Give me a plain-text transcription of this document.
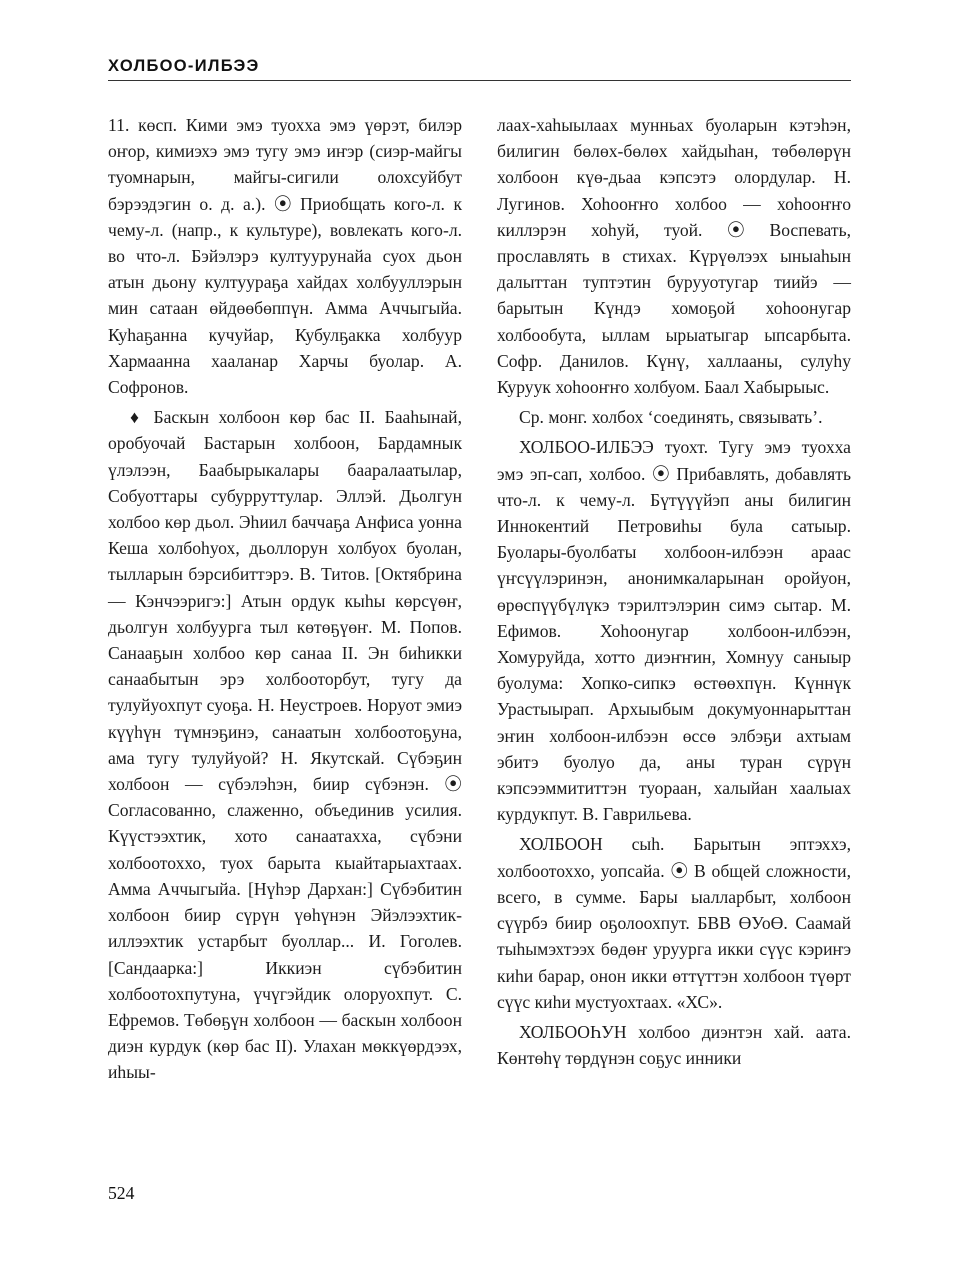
ХОЛБОО-ИЛБЭЭ

11. көсп. Кими эмэ туохха эмэ үөрэт, билэр оҥор, кимиэхэ эмэ тугу эмэ иҥэр (сиэр-майгы туомнарын, майгы-сигили олохсуйбут бэрээдэгин о. д. а.). ⦿ Приобщать кого-л. к чему-л. (напр., к культуре), вовлекать кого-л. во что-л. Бэйэлэрэ култуурунайа суох дьон атын дьону култуураҕа хайдах холбууллэрын мин сатаан өйдөөбөппүн. Амма Аччыгыйа. Куһаҕаннa кучуйар, Кубулҕакка холбуур Хармааннa хааланар Харчы буолар. А. Софронов.

♦ Баскын холбоон көр бас II. Баaһынай, оробуочай Бастарын холбоон, Бардамнык үлэлээн, Баабырыкалары бааралаатылар, Собуоттары субурруттулар. Эллэй. Дьолгун холбоо көр дьол. Эһиил баччаҕа Анфиса уонна Кеша холбоһуох, дьоллорун холбуох буолан, тылларын бэрсибиттэрэ. В. Титов. [Октябрина — Кэнчээригэ:] Атын ордук кыһы көрсүөҥ, дьолгун холбуурга тыл көтөҕүөҥ. М. Попов. Санааҕын холбоо көр санаа II. Эн биһикки санаабытын эрэ холбооторбут, тугу да тулуйуохпут суоҕа. Н. Неустроев. Норуот эмиэ күүһүн түмнэҕинэ, санаатын холбоотоҕуна, ама тугу тулуйуой? Н. Якутскай. Сүбэҕин холбоон — сүбэлэһэн, биир сүбэнэн. ⦿ Согласованно, слаженно, объединив усилия. Күүстээхтик, хото санаатахха, сүбэни холбоотоххо, туох барыта кыайтарыахтаах. Амма Аччыгыйа. [Нүһэр Дархан:] Сүбэбитин холбоон биир сүрүн үөһүнэн Эйэлээхтик-иллээхтик устарбыт буоллар... И. Гоголев. [Сандаарка:] Иккиэн сүбэбитин холбоотохпутуна, үчүгэйдик олоруохпут. С. Ефремов. Төбөҕүн холбоон — баскын холбоон диэн курдук (көр бас II). Улахан мөккүөрдээх, иһыы-

лаах-хаһыылаах мунньах буоларын кэтэһэн, билигин бөлөх-бөлөх хайдыһан, төбөлөрүн холбоон күө-дьаа кэпсэтэ олордулар. Н. Лугинов. Хоһооҥҥо холбоо — хоһооҥҥо киллэрэн хоһуй, туой. ⦿ Воспевать, прославлять в стихах. Күрүөлээх ыныаһын далыттан туптэтин бурууотугар тиийэ — барытын Күндэ хомоҕой хоһоонугар холбообута, ыллам ырыатыгар ыпсарбыта. Софр. Данилов. Күнү, халлааны, сулуһу Куруук хоһооҥҥо холбуом. Баал Хабырыыс.

Ср. монг. холбох ‘соединять, связывать’.

ХОЛБОО-ИЛБЭЭ туохт. Тугу эмэ туохха эмэ эп-сап, холбоо. ⦿ Прибавлять, добавлять что-л. к чему-л. Бүтүүүйэп аны билигин Иннокентий Петровиһы була сатыыр. Буолары-буолбаты холбоон-илбээн араас үҥсүүлэринэн, анонимкаларынан оройуон, өрөспүүбүлүкэ тэрилтэлэрин симэ сытар. М. Ефимов. Хоһоонугар холбоон-илбээн, Хомуруйда, хотто диэҥҥин, Хомнуу саныыр буолума: Хопко-сипкэ өстөөхпүн. Күннүк Урастыырап. Архыыбым докумуоннарыттан эҥин холбоон-илбээн өссө элбэҕи ахтыам эбитэ буолуо да, аны туран сүрүн кэпсээммититтэн туораан, халыйан хаалыах курдукпут. В. Гаврильева.

ХОЛБООН сыһ. Барытын эптэххэ, холбоотоххо, уопсайа. ⦿ В общей сложности, всего, в сумме. Бары ыалларбыт, холбоон сүүрбэ биир оҕолоохпут. БВВ ӨУоӨ. Саамай тыһымэхтээх бөдөҥ уруурга икки сүүс кэриҥэ киһи барар, онон икки өттүттэн холбоон түөрт сүүс киһи мустуохтаах. «ХС».

ХОЛБООҺУН холбоо диэнтэн хай. аата. Көнтөһү төрдүнэн соҕус инники

524
